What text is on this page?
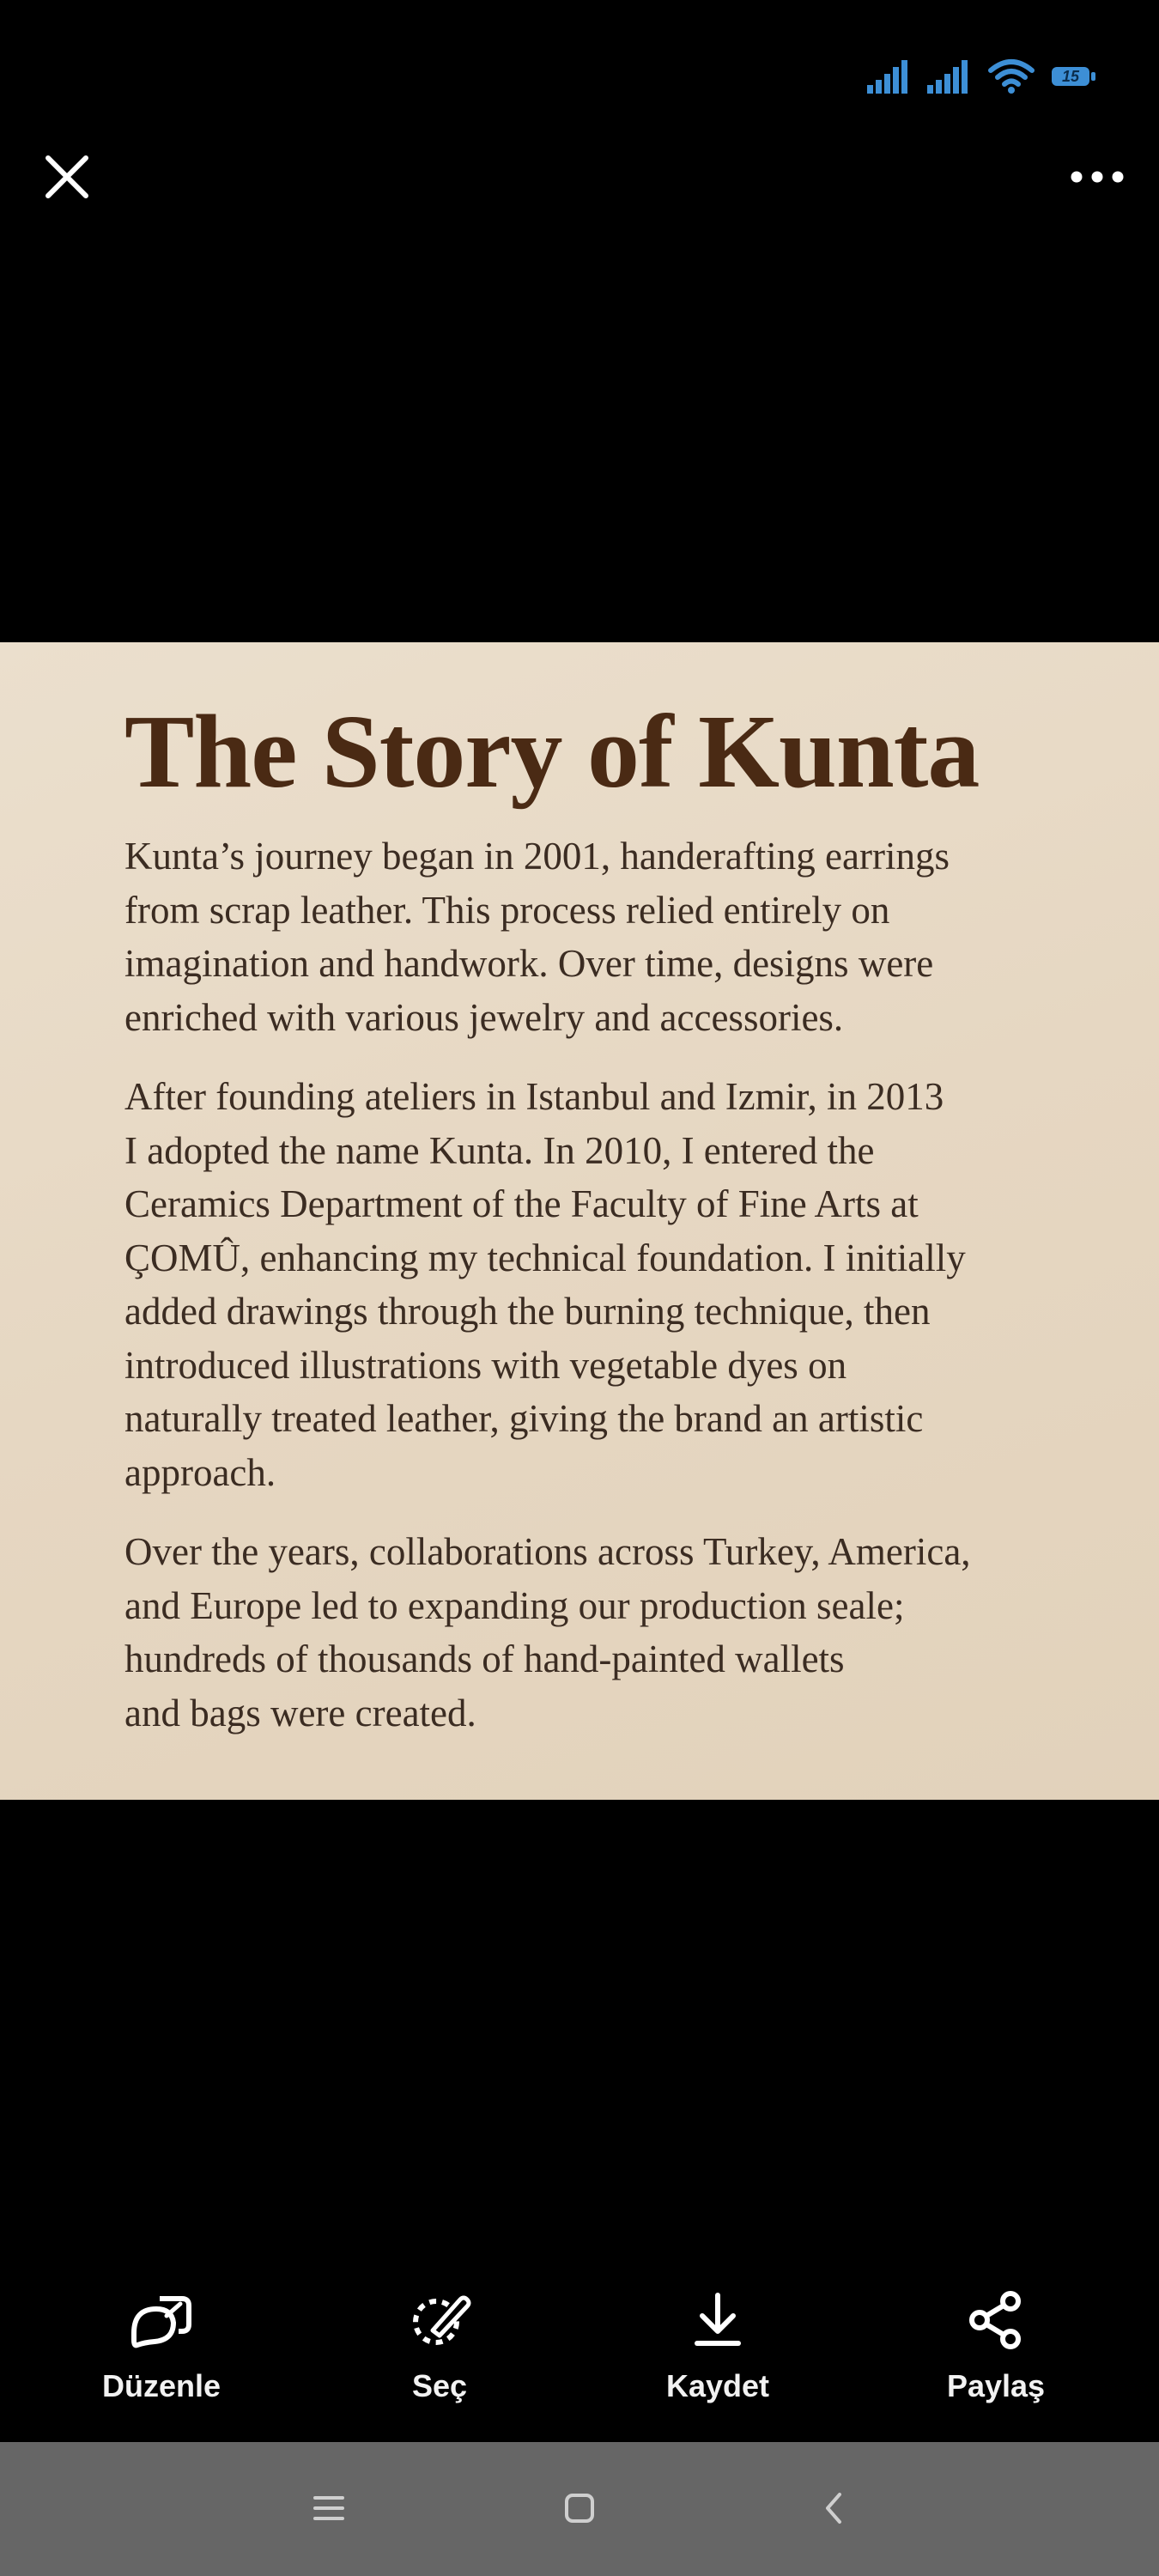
15
The Story of Kunta

Kunta’s journey began in 2001, handerafting earrings
from scrap leather. This process relied entirely on
imagination and handwork. Over time, designs were
enriched with various jewelry and accessories.

After founding ateliers in Istanbul and Izmir, in 2013
I adopted the name Kunta. In 2010, I entered the
Ceramics Department of the Faculty of Fine Arts at
ÇOMÛ, enhancing my technical foundation. I initially
added drawings through the burning technique, then
introduced illustrations with vegetable dyes on
naturally treated leather, giving the brand an artistic
approach.

Over the years, collaborations across Turkey, America,
and Europe led to expanding our production seale;
hundreds of thousands of hand-painted wallets
and bags were created.

Düzenle	Seç	Kaydet	Paylaş
